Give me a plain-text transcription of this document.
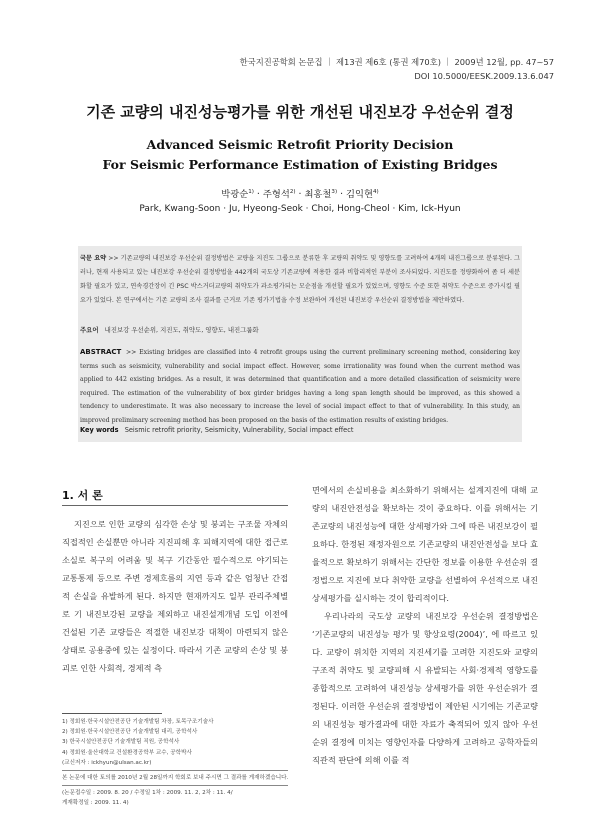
한국지진공학회 논문집 ｜ 제13권 제6호 (통권 제70호) ｜ 2009년 12월, pp. 47~57
DOI 10.5000/EESK.2009.13.6.047
기존 교량의 내진성능평가를 위한 개선된 내진보강 우선순위 결정
Advanced Seismic Retrofit Priority Decision
For Seismic Performance Estimation of Existing Bridges
박광순$^{1)}$ · 주형석$^{2)}$ · 최홍철$^{3)}$ · 김익현$^{4)}$
Park, Kwang-Soon · Ju, Hyeong-Seok · Choi, Hong-Cheol · Kim, Ick-Hyun
국문 요약 >> 기존교량의 내진보강 우선순위 결정방법은 교량을 지진도 그룹으로 분류한 후 교량의 취약도 및 영향도를 고려하여 4개의 내진그룹으로 분류된다. 그러나, 현재 사용되고 있는 내진보강 우선순위 결정방법을 442개의 국도상 기존교량에 적용한 결과 비합리적인 부분이 조사되었다. 지진도를 정량화하여 좀 더 세분화할 필요가 있고, 연속경간장이 긴 PSC 박스거더교량의 취약도가 과소평가되는 모순점을 개선할 필요가 있었으며, 영향도 수준 또한 취약도 수준으로 증가시킬 필요가 있었다. 본 연구에서는 기존 교량의 조사 결과를 근거로 기존 평가기법을 수정 보완하여 개선된 내진보강 우선순위 결정방법을 제안하였다.
주요어 내진보강 우선순위, 지진도, 취약도, 영향도, 내진그룹화
ABSTRACT >> Existing bridges are classified into 4 retrofit groups using the current preliminary screening method, considering key terms such as seismicity, vulnerability and social impact effect. However, some irrationality was found when the current method was applied to 442 existing bridges. As a result, it was determined that quantification and a more detailed classification of seismicity were required. The estimation of the vulnerability of box girder bridges having a long span length should be improved, as this showed a tendency to underestimate. It was also necessary to increase the level of social impact effect to that of vulnerability. In this study, an improved preliminary screening method has been proposed on the basis of the estimation results of existing bridges.
Key words Seismic retrofit priority, Seismicity, Vulnerability, Social impact effect
1. 서 론

지진으로 인한 교량의 심각한 손상 및 붕괴는 구조물 자체의 직접적인 손실뿐만 아니라 지진피해 후 피해지역에 대한 접근로 소실로 복구의 어려움 및 복구 기간동안 필수적으로 야기되는 교통통제 등으로 주변 경제흐름의 지연 등과 같은 엄청난 간접적 손실을 유발하게 된다. 하지만 현재까지도 일부 관리주체별로 기 내진보강된 교량을 제외하고 내진설계개념 도입 이전에 건설된 기존 교량들은 적절한 내진보강 대책이 마련되지 않은 상태로 공용중에 있는 실정이다. 따라서 기존 교량의 손상 및 붕괴로 인한 사회적, 경제적 측

면에서의 손실비용을 최소화하기 위해서는 설계지진에 대해 교량의 내진안전성을 확보하는 것이 중요하다. 이를 위해서는 기존교량의 내진성능에 대한 상세평가와 그에 따른 내진보강이 필요하다. 한정된 재정자원으로 기존교량의 내진안전성을 보다 효율적으로 확보하기 위해서는 간단한 정보를 이용한 우선순위 결정법으로 지진에 보다 취약한 교량을 선별하여 우선적으로 내진상세평가를 실시하는 것이 합리적이다.

우리나라의 국도상 교량의 내진보강 우선순위 결정방법은 ‘기존교량의 내진성능 평가 및 향상요령(2004)’, 에 따르고 있다. 교량이 위치한 지역의 지진세기를 고려한 지진도와 교량의 구조적 취약도 및 교량피해 시 유발되는 사회·경제적 영향도를 종합적으로 고려하여 내진성능 상세평가를 위한 우선순위가 결정된다. 이러한 우선순위 결정방법이 제안된 시기에는 기존교량의 내진성능 평가결과에 대한 자료가 축적되어 있지 않아 우선순위 결정에 미치는 영향인자를 다양하게 고려하고 공학자들의 직관적 판단에 의해 이를 적

1) 정회원·한국시설안전공단 기술개발팀 차장, 토목구조기술사
2) 정회원·한국시설안전공단 기술개발팀 대리, 공학석사
3) 한국시설안전공단 기술개발팀 직원, 공학석사
4) 정회원·울산대학교 건설환경공학부 교수, 공학박사
(교신저자 : ickhyun@ulsan.ac.kr)
본 논문에 대한 토의를 2010년 2월 28일까지 학회로 보내 주시면 그 결과를 게재하겠습니다.
(논문접수일 : 2009. 8. 20 / 수정일 1차 : 2009. 11. 2, 2차 : 11. 4/
게재확정일 : 2009. 11. 4)
